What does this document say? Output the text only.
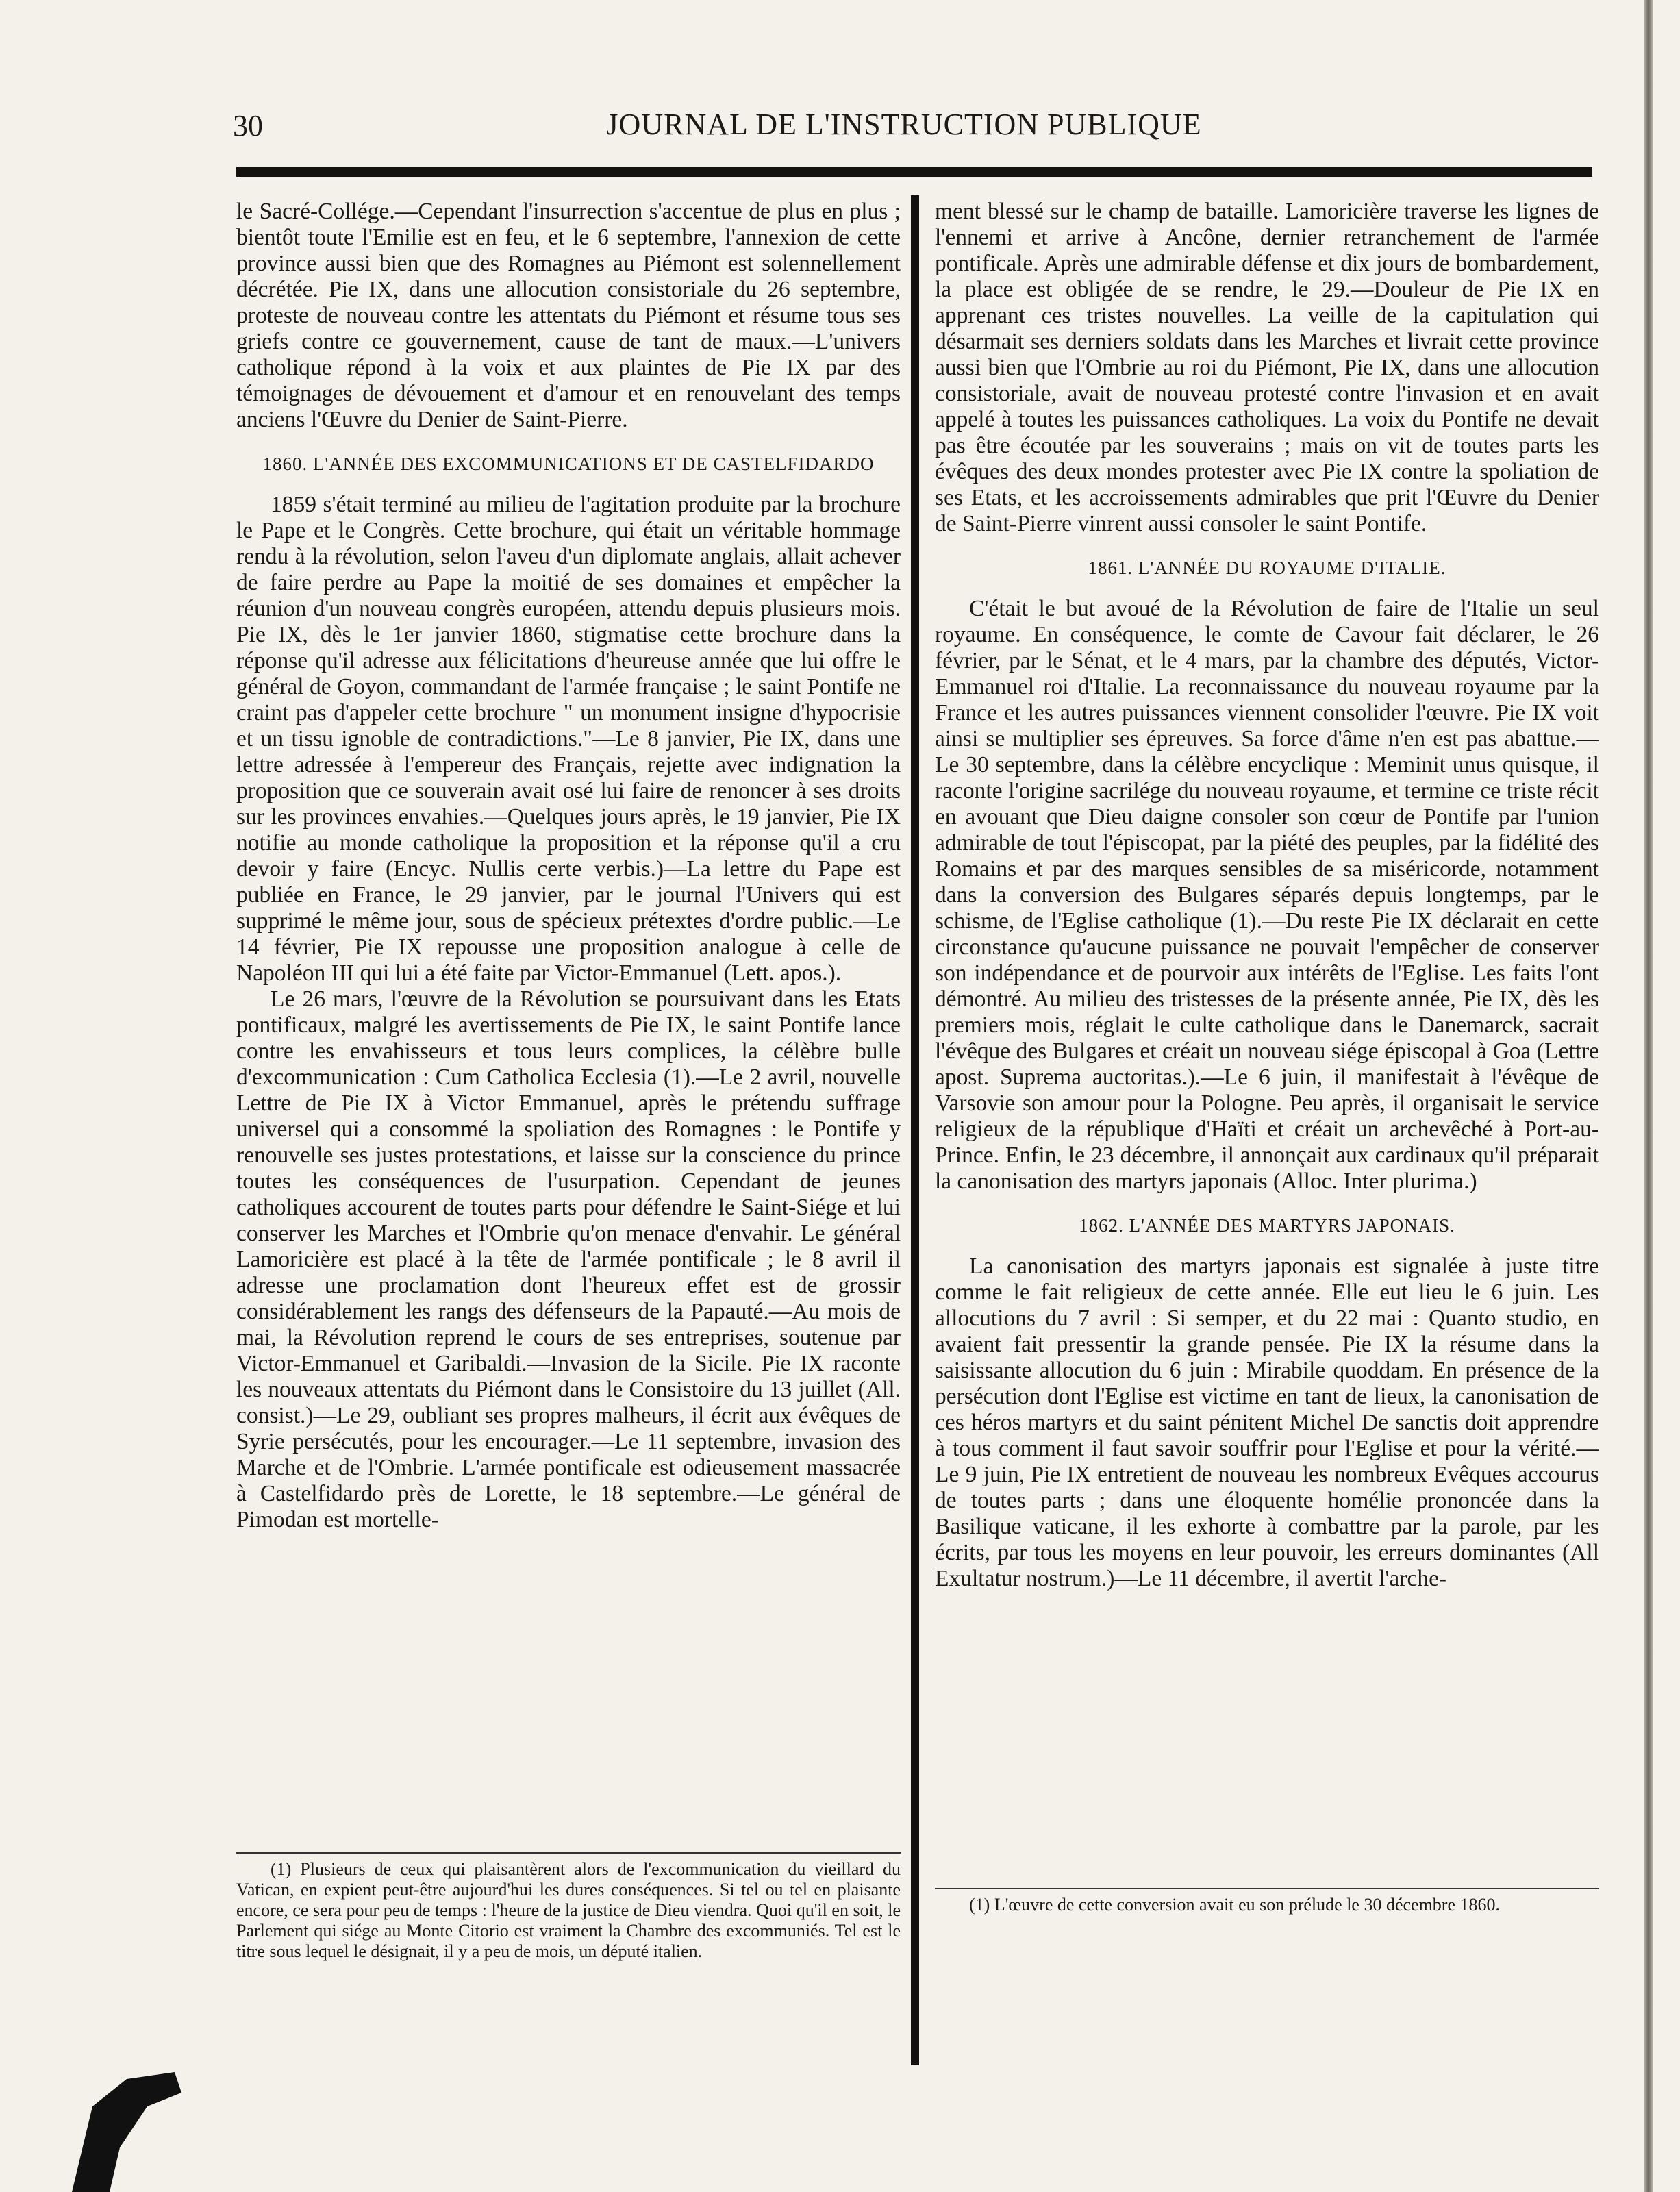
30	JOURNAL DE L'INSTRUCTION PUBLIQUE

le Sacré-Collége.—Cependant l'insurrection s'accentue de plus en plus ; bientôt toute l'Emilie est en feu, et le 6 septembre, l'annexion de cette province aussi bien que des Romagnes au Piémont est solennellement décrétée. Pie IX, dans une allocution consistoriale du 26 septembre, proteste de nouveau contre les attentats du Piémont et résume tous ses griefs contre ce gouvernement, cause de tant de maux.—L'univers catholique répond à la voix et aux plaintes de Pie IX par des témoignages de dévouement et d'amour et en renouvelant des temps anciens l'Œuvre du Denier de Saint-Pierre.

1860. L'ANNÉE DES EXCOMMUNICATIONS ET DE CASTELFIDARDO

1859 s'était terminé au milieu de l'agitation produite par la brochure le Pape et le Congrès. Cette brochure, qui était un véritable hommage rendu à la révolution, selon l'aveu d'un diplomate anglais, allait achever de faire perdre au Pape la moitié de ses domaines et empêcher la réunion d'un nouveau congrès européen, attendu depuis plusieurs mois. Pie IX, dès le 1er janvier 1860, stigmatise cette brochure dans la réponse qu'il adresse aux félicitations d'heureuse année que lui offre le général de Goyon, commandant de l'armée française ; le saint Pontife ne craint pas d'appeler cette brochure " un monument insigne d'hypocrisie et un tissu ignoble de contradictions."—Le 8 janvier, Pie IX, dans une lettre adressée à l'empereur des Français, rejette avec indignation la proposition que ce souverain avait osé lui faire de renoncer à ses droits sur les provinces envahies.—Quelques jours après, le 19 janvier, Pie IX notifie au monde catholique la proposition et la réponse qu'il a cru devoir y faire (Encyc. Nullis certe verbis.)—La lettre du Pape est publiée en France, le 29 janvier, par le journal l'Univers qui est supprimé le même jour, sous de spécieux prétextes d'ordre public.—Le 14 février, Pie IX repousse une proposition analogue à celle de Napoléon III qui lui a été faite par Victor-Emmanuel (Lett. apos.).

Le 26 mars, l'œuvre de la Révolution se poursuivant dans les Etats pontificaux, malgré les avertissements de Pie IX, le saint Pontife lance contre les envahisseurs et tous leurs complices, la célèbre bulle d'excommunication : Cum Catholica Ecclesia (1).—Le 2 avril, nouvelle Lettre de Pie IX à Victor Emmanuel, après le prétendu suffrage universel qui a consommé la spoliation des Romagnes : le Pontife y renouvelle ses justes protestations, et laisse sur la conscience du prince toutes les conséquences de l'usurpation. Cependant de jeunes catholiques accourent de toutes parts pour défendre le Saint-Siége et lui conserver les Marches et l'Ombrie qu'on menace d'envahir. Le général Lamoricière est placé à la tête de l'armée pontificale ; le 8 avril il adresse une proclamation dont l'heureux effet est de grossir considérablement les rangs des défenseurs de la Papauté.—Au mois de mai, la Révolution reprend le cours de ses entreprises, soutenue par Victor-Emmanuel et Garibaldi.—Invasion de la Sicile. Pie IX raconte les nouveaux attentats du Piémont dans le Consistoire du 13 juillet (All. consist.)—Le 29, oubliant ses propres malheurs, il écrit aux évêques de Syrie persécutés, pour les encourager.—Le 11 septembre, invasion des Marche et de l'Ombrie. L'armée pontificale est odieusement massacrée à Castelfidardo près de Lorette, le 18 septembre.—Le général de Pimodan est mortelle-

(1) Plusieurs de ceux qui plaisantèrent alors de l'excommunication du vieillard du Vatican, en expient peut-être aujourd'hui les dures conséquences. Si tel ou tel en plaisante encore, ce sera pour peu de temps : l'heure de la justice de Dieu viendra. Quoi qu'il en soit, le Parlement qui siége au Monte Citorio est vraiment la Chambre des excommuniés. Tel est le titre sous lequel le désignait, il y a peu de mois, un député italien.

ment blessé sur le champ de bataille. Lamoricière traverse les lignes de l'ennemi et arrive à Ancône, dernier retranchement de l'armée pontificale. Après une admirable défense et dix jours de bombardement, la place est obligée de se rendre, le 29.—Douleur de Pie IX en apprenant ces tristes nouvelles. La veille de la capitulation qui désarmait ses derniers soldats dans les Marches et livrait cette province aussi bien que l'Ombrie au roi du Piémont, Pie IX, dans une allocution consistoriale, avait de nouveau protesté contre l'invasion et en avait appelé à toutes les puissances catholiques. La voix du Pontife ne devait pas être écoutée par les souverains ; mais on vit de toutes parts les évêques des deux mondes protester avec Pie IX contre la spoliation de ses Etats, et les accroissements admirables que prit l'Œuvre du Denier de Saint-Pierre vinrent aussi consoler le saint Pontife.

1861. L'ANNÉE DU ROYAUME D'ITALIE.

C'était le but avoué de la Révolution de faire de l'Italie un seul royaume. En conséquence, le comte de Cavour fait déclarer, le 26 février, par le Sénat, et le 4 mars, par la chambre des députés, Victor-Emmanuel roi d'Italie. La reconnaissance du nouveau royaume par la France et les autres puissances viennent consolider l'œuvre. Pie IX voit ainsi se multiplier ses épreuves. Sa force d'âme n'en est pas abattue.—Le 30 septembre, dans la célèbre encyclique : Meminit unus quisque, il raconte l'origine sacrilége du nouveau royaume, et termine ce triste récit en avouant que Dieu daigne consoler son cœur de Pontife par l'union admirable de tout l'épiscopat, par la piété des peuples, par la fidélité des Romains et par des marques sensibles de sa miséricorde, notamment dans la conversion des Bulgares séparés depuis longtemps, par le schisme, de l'Eglise catholique (1).—Du reste Pie IX déclarait en cette circonstance qu'aucune puissance ne pouvait l'empêcher de conserver son indépendance et de pourvoir aux intérêts de l'Eglise. Les faits l'ont démontré. Au milieu des tristesses de la présente année, Pie IX, dès les premiers mois, réglait le culte catholique dans le Danemarck, sacrait l'évêque des Bulgares et créait un nouveau siége épiscopal à Goa (Lettre apost. Suprema auctoritas.).—Le 6 juin, il manifestait à l'évêque de Varsovie son amour pour la Pologne. Peu après, il organisait le service religieux de la république d'Haïti et créait un archevêché à Port-au-Prince. Enfin, le 23 décembre, il annonçait aux cardinaux qu'il préparait la canonisation des martyrs japonais (Alloc. Inter plurima.)

1862. L'ANNÉE DES MARTYRS JAPONAIS.

La canonisation des martyrs japonais est signalée à juste titre comme le fait religieux de cette année. Elle eut lieu le 6 juin. Les allocutions du 7 avril : Si semper, et du 22 mai : Quanto studio, en avaient fait pressentir la grande pensée. Pie IX la résume dans la saisissante allocution du 6 juin : Mirabile quoddam. En présence de la persécution dont l'Eglise est victime en tant de lieux, la canonisation de ces héros martyrs et du saint pénitent Michel De sanctis doit apprendre à tous comment il faut savoir souffrir pour l'Eglise et pour la vérité.—Le 9 juin, Pie IX entretient de nouveau les nombreux Evêques accourus de toutes parts ; dans une éloquente homélie prononcée dans la Basilique vaticane, il les exhorte à combattre par la parole, par les écrits, par tous les moyens en leur pouvoir, les erreurs dominantes (All Exultatur nostrum.)—Le 11 décembre, il avertit l'arche-

(1) L'œuvre de cette conversion avait eu son prélude le 30 décembre 1860.
